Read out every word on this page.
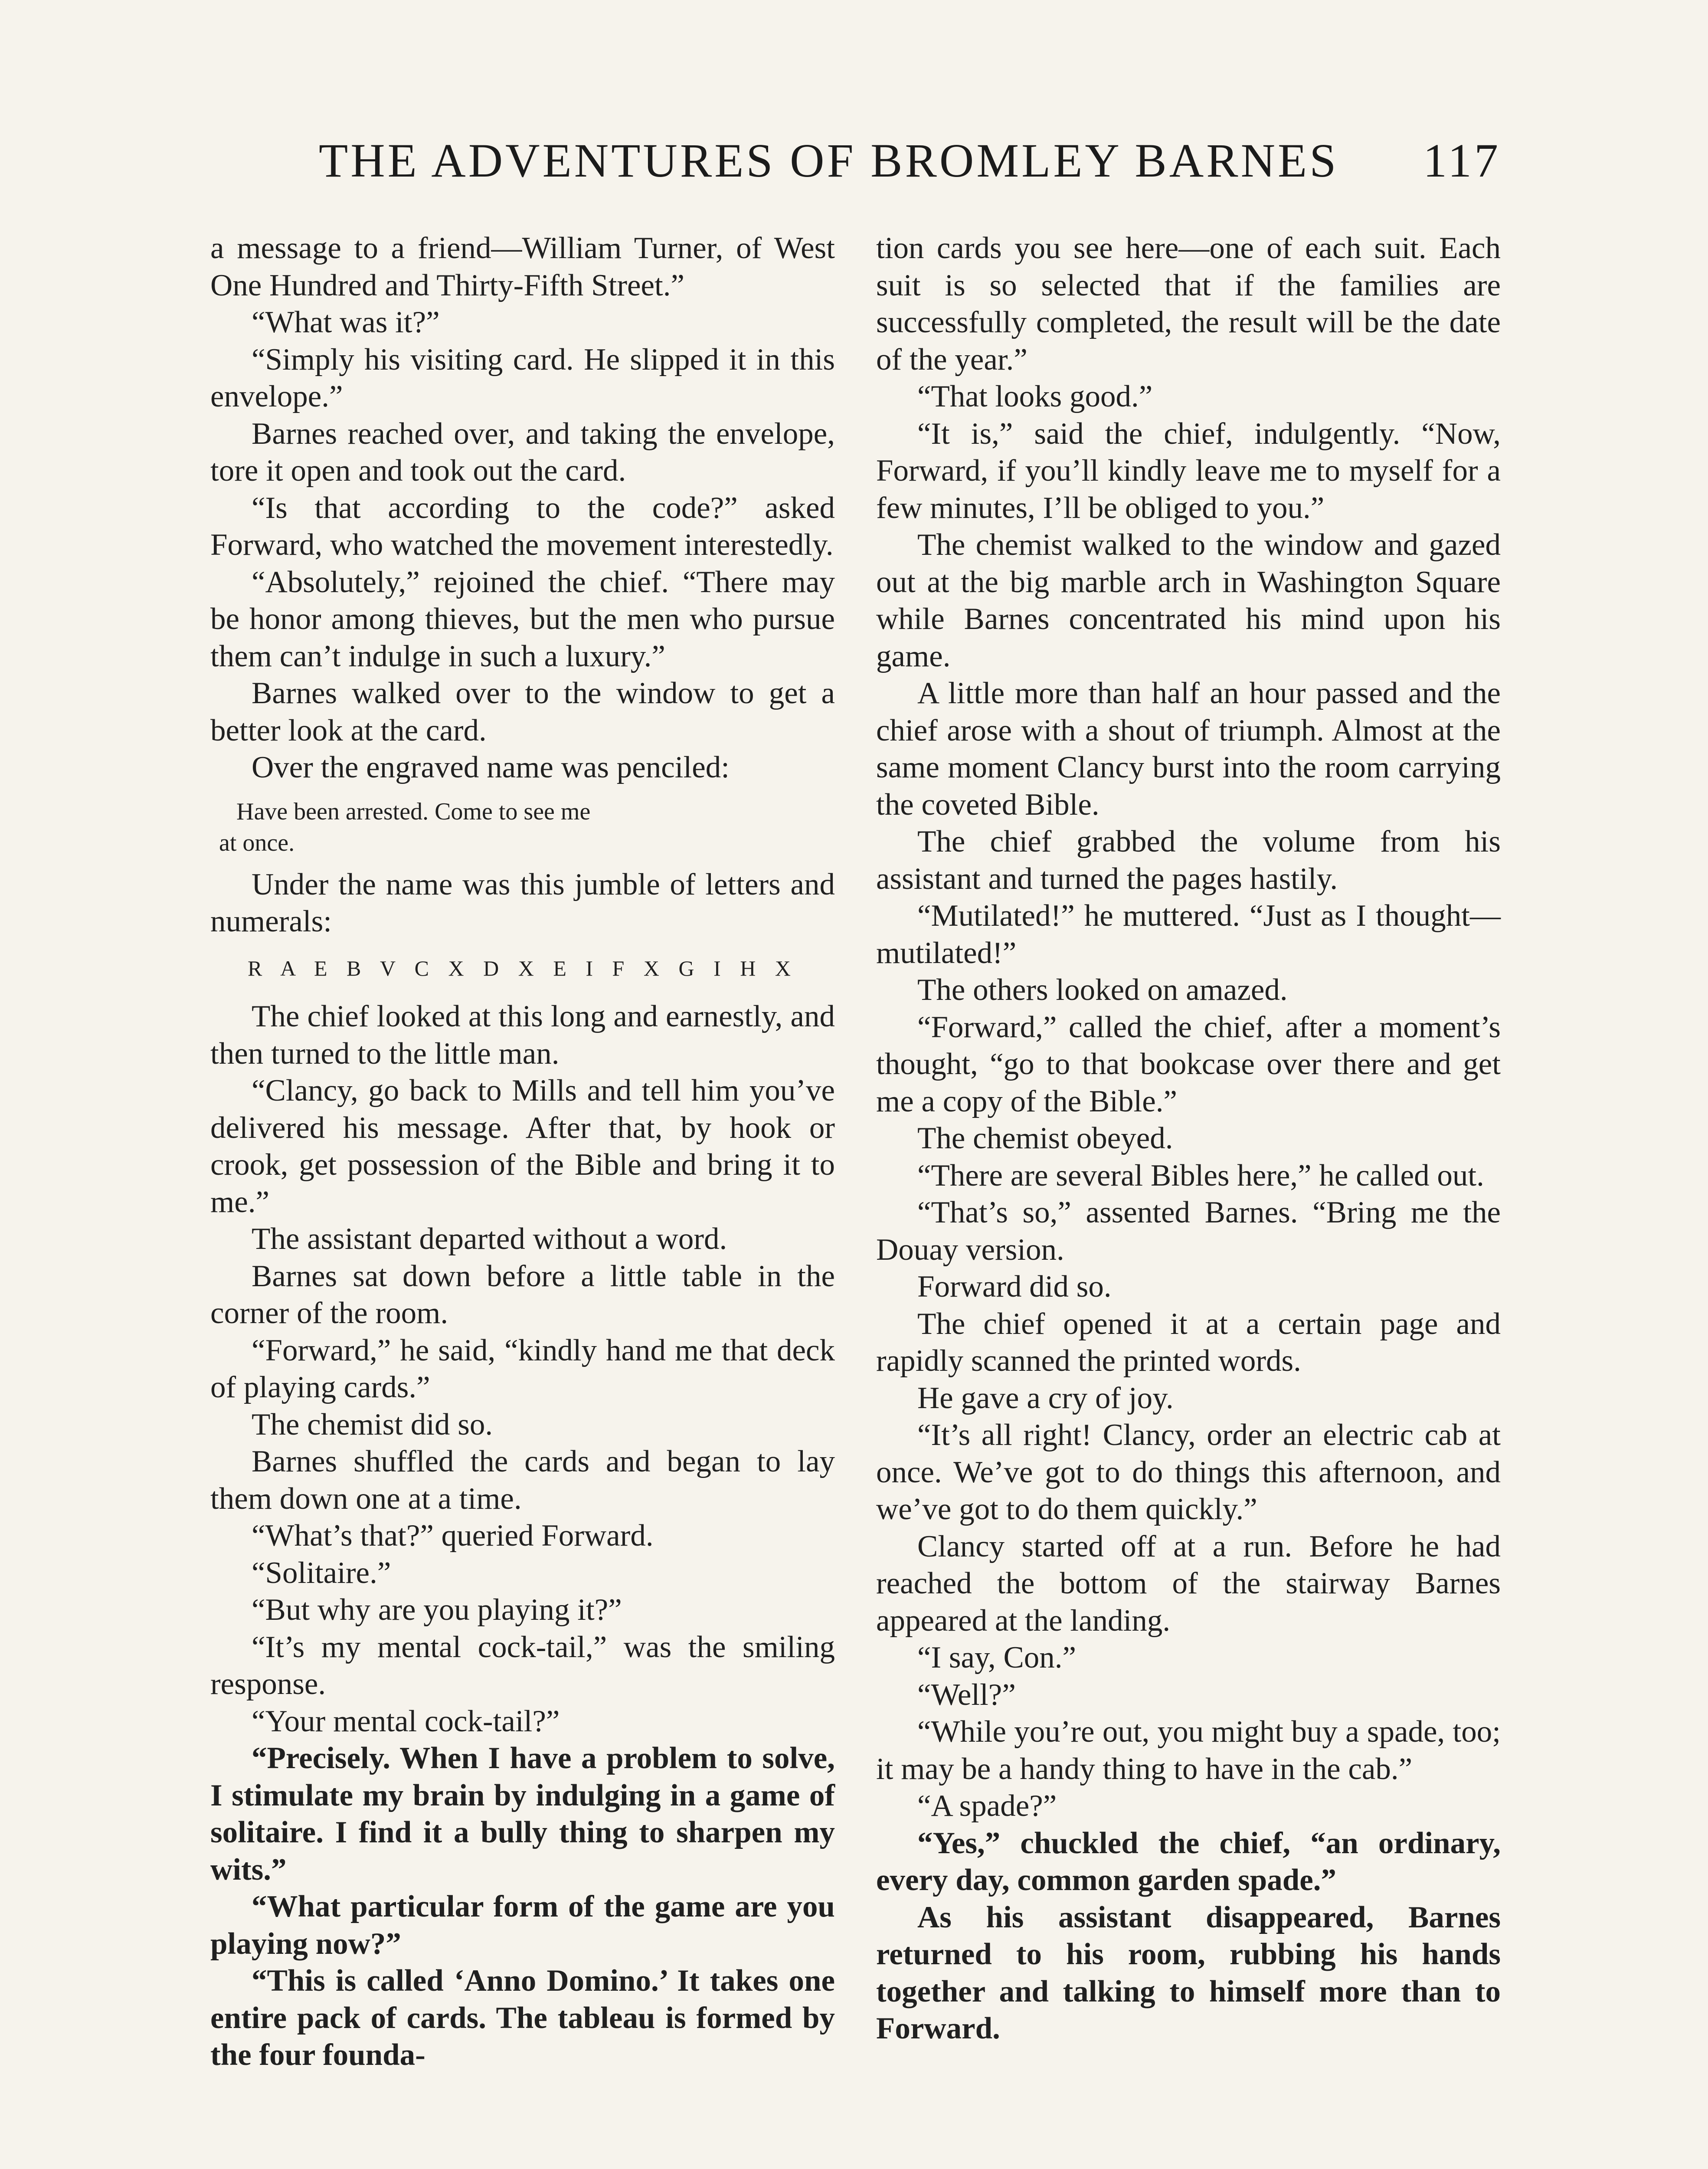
THE ADVENTURES OF BROMLEY BARNES 117

a message to a friend—William Turner, of West One Hundred and Thirty-Fifth Street.”

“What was it?”

“Simply his visiting card. He slipped it in this envelope.”

Barnes reached over, and taking the envelope, tore it open and took out the card.

“Is that according to the code?” asked Forward, who watched the movement interestedly.

“Absolutely,” rejoined the chief. “There may be honor among thieves, but the men who pursue them can’t indulge in such a luxury.”

Barnes walked over to the window to get a better look at the card.

Over the engraved name was penciled:

Have been arrested. Come to see me
at once.

Under the name was this jumble of letters and numerals:

R A E B V C X D X E I F X G I H X

The chief looked at this long and earnestly, and then turned to the little man.

“Clancy, go back to Mills and tell him you’ve delivered his message. After that, by hook or crook, get possession of the Bible and bring it to me.”

The assistant departed without a word.

Barnes sat down before a little table in the corner of the room.

“Forward,” he said, “kindly hand me that deck of playing cards.”

The chemist did so.

Barnes shuffled the cards and began to lay them down one at a time.

“What’s that?” queried Forward.

“Solitaire.”

“But why are you playing it?”

“It’s my mental cock-tail,” was the smiling response.

“Your mental cock-tail?”

“Precisely. When I have a problem to solve, I stimulate my brain by indulging in a game of solitaire. I find it a bully thing to sharpen my wits.”

“What particular form of the game are you playing now?”

“This is called ‘Anno Domino.’ It takes one entire pack of cards. The tableau is formed by the four founda-

tion cards you see here—one of each suit. Each suit is so selected that if the families are successfully completed, the result will be the date of the year.”

“That looks good.”

“It is,” said the chief, indulgently. “Now, Forward, if you’ll kindly leave me to myself for a few minutes, I’ll be obliged to you.”

The chemist walked to the window and gazed out at the big marble arch in Washington Square while Barnes concentrated his mind upon his game.

A little more than half an hour passed and the chief arose with a shout of triumph. Almost at the same moment Clancy burst into the room carrying the coveted Bible.

The chief grabbed the volume from his assistant and turned the pages hastily.

“Mutilated!” he muttered. “Just as I thought—mutilated!”

The others looked on amazed.

“Forward,” called the chief, after a moment’s thought, “go to that bookcase over there and get me a copy of the Bible.”

The chemist obeyed.

“There are several Bibles here,” he called out.

“That’s so,” assented Barnes. “Bring me the Douay version.

Forward did so.

The chief opened it at a certain page and rapidly scanned the printed words.

He gave a cry of joy.

“It’s all right! Clancy, order an electric cab at once. We’ve got to do things this afternoon, and we’ve got to do them quickly.”

Clancy started off at a run. Before he had reached the bottom of the stairway Barnes appeared at the landing.

“I say, Con.”

“Well?”

“While you’re out, you might buy a spade, too; it may be a handy thing to have in the cab.”

“A spade?”

“Yes,” chuckled the chief, “an ordinary, every day, common garden spade.”

As his assistant disappeared, Barnes returned to his room, rubbing his hands together and talking to himself more than to Forward.
